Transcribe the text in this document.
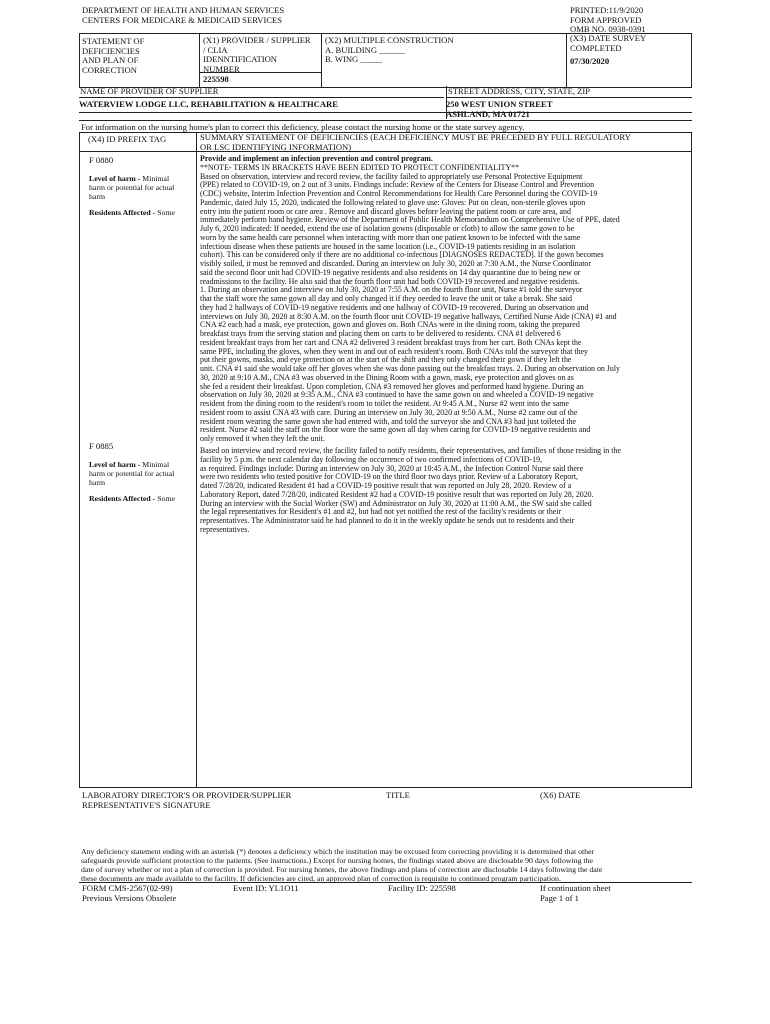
DEPARTMENT OF HEALTH AND HUMAN SERVICES
CENTERS FOR MEDICARE & MEDICAID SERVICES
PRINTED:11/9/2020
FORM APPROVED
OMB NO. 0938-0391
STATEMENT OF
DEFICIENCIES
AND PLAN OF
CORRECTION
(X1) PROVIDER / SUPPLIER
/ CLIA
IDENNTIFICATION
NUMBER
225598
(X2) MULTIPLE CONSTRUCTION
A. BUILDING ______
B. WING _____
(X3) DATE SURVEY
COMPLETED
07/30/2020
NAME OF PROVIDER OF SUPPLIER
WATERVIEW LODGE LLC, REHABILITATION & HEALTHCARE
STREET ADDRESS, CITY, STATE, ZIP
250 WEST UNION STREET
ASHLAND, MA 01721
For information on the nursing home's plan to correct this deficiency, please contact the nursing home or the state survey agency.
(X4) ID PREFIX TAG	SUMMARY STATEMENT OF DEFICIENCIES (EACH DEFICIENCY MUST BE PRECEDED BY FULL REGULATORY
OR LSC IDENTIFYING INFORMATION)
F 0880
Level of harm - Minimal
harm or potential for actual
harm
Residents Affected - Some
Provide and implement an infection prevention and control program.
**NOTE- TERMS IN BRACKETS HAVE BEEN EDITED TO PROTECT CONFIDENTIALITY**
Based on observation, interview and record review, the facility failed to appropriately use Personal Protective Equipment
(PPE) related to COVID-19, on 2 out of 3 units. Findings include: Review of the Centers for Disease Control and Prevention
(CDC) website, Interim Infection Prevention and Control Recommendations for Health Care Personnel during the COVID-19
Pandemic, dated July 15, 2020, indicated the following related to glove use: Gloves: Put on clean, non-sterile gloves upon
entry into the patient room or care area . Remove and discard gloves before leaving the patient room or care area, and
immediately perform hand hygiene. Review of the Department of Public Health Memorandum on Comprehensive Use of PPE, dated
July 6, 2020 indicated: If needed, extend the use of isolation gowns (disposable or cloth) to allow the same gown to be
worn by the same health care personnel when interacting with more than one patient known to be infected with the same
infectious disease when these patients are housed in the same location (i.e., COVID-19 patients residing in an isolation
cohort). This can be considered only if there are no additional co-infectious [DIAGNOSES REDACTED]. If the gown becomes
visibly soiled, it must be removed and discarded. During an interview on July 30, 2020 at 7:30 A.M., the Nurse Coordinator
said the second floor unit had COVID-19 negative residents and also residents on 14 day quarantine due to being new or
readmissions to the facility. He also said that the fourth floor unit had both COVID-19 recovered and negative residents.
1. During an observation and interview on July 30, 2020 at 7:55 A.M. on the fourth floor unit, Nurse #1 told the surveyor
that the staff wore the same gown all day and only changed it if they needed to leave the unit or take a break. She said
they had 2 hallways of COVID-19 negative residents and one hallway of COVID-19 recovered. During an observation and
interviews on July 30, 2020 at 8:30 A.M. on the fourth floor unit COVID-19 negative hallways, Certified Nurse Aide (CNA) #1 and
CNA #2 each had a mask, eye protection, gown and gloves on. Both CNAs were in the dining room, taking the prepared
breakfast trays from the serving station and placing them on carts to be delivered to residents. CNA #1 delivered 6
resident breakfast trays from her cart and CNA #2 delivered 3 resident breakfast trays from her cart. Both CNAs kept the
same PPE, including the gloves, when they went in and out of each resident's room. Both CNAs told the surveyor that they
put their gowns, masks, and eye protection on at the start of the shift and they only changed their gown if they left the
unit. CNA #1 said she would take off her gloves when she was done passing out the breakfast trays. 2. During an observation on July
30, 2020 at 9:10 A.M., CNA #3 was observed in the Dining Room with a gown, mask, eye protection and gloves on as
she fed a resident their breakfast. Upon completion, CNA #3 removed her gloves and performed hand hygiene. During an
observation on July 30, 2020 at 9:35 A.M., CNA #3 continued to have the same gown on and wheeled a COVID-19 negative
resident from the dining room to the resident's room to toilet the resident. At 9:45 A.M., Nurse #2 went into the same
resident room to assist CNA #3 with care. During an interview on July 30, 2020 at 9:50 A.M., Nurse #2 came out of the
resident room wearing the same gown she had entered with, and told the surveyor she and CNA #3 had just toileted the
resident. Nurse #2 said the staff on the floor wore the same gown all day when caring for COVID-19 negative residents and
only removed it when they left the unit.
F 0885
Level of harm - Minimal
harm or potential for actual
harm
Residents Affected - Some
Based on interview and record review, the facility failed to notify residents, their representatives, and families of those residing in the
facility by 5 p.m. the next calendar day following the occurrence of two confirmed infections of COVID-19,
as required. Findings include: During an interview on July 30, 2020 at 10:45 A.M., the Infection Control Nurse said there
were two residents who tested positive for COVID-19 on the third floor two days prior. Review of a Laboratory Report,
dated 7/28/20, indicated Resident #1 had a COVID-19 positive result that was reported on July 28, 2020. Review of a
Laboratory Report, dated 7/28/20, indicated Resident #2 had a COVID-19 positive result that was reported on July 28, 2020.
During an interview with the Social Worker (SW) and Administrator on July 30, 2020 at 11:00 A.M., the SW said she called
the legal representatives for Resident's #1 and #2, but had not yet notified the rest of the facility's residents or their
representatives. The Administrator said he had planned to do it in the weekly update he sends out to residents and their
representatives.
LABORATORY DIRECTOR'S OR PROVIDER/SUPPLIER
REPRESENTATIVE'S SIGNATURE
TITLE	(X6) DATE
Any deficiency statement ending with an asterisk (*) denotes a deficiency which the institution may be excused from correcting providing it is determined that other
safeguards provide sufficient protection to the patients. (See instructions.) Except for nursing homes, the findings stated above are disclosable 90 days following the
date of survey whether or not a plan of correction is provided. For nursing homes, the above findings and plans of correction are disclosable 14 days following the date
these documents are made available to the facility. If deficiencies are cited, an approved plan of correction is requisite to continued program participation.
FORM CMS-2567(02-99)
Previous Versions Obsolete
Event ID: YL1O11	Facility ID: 225598	If continuation sheet
Page 1 of 1
